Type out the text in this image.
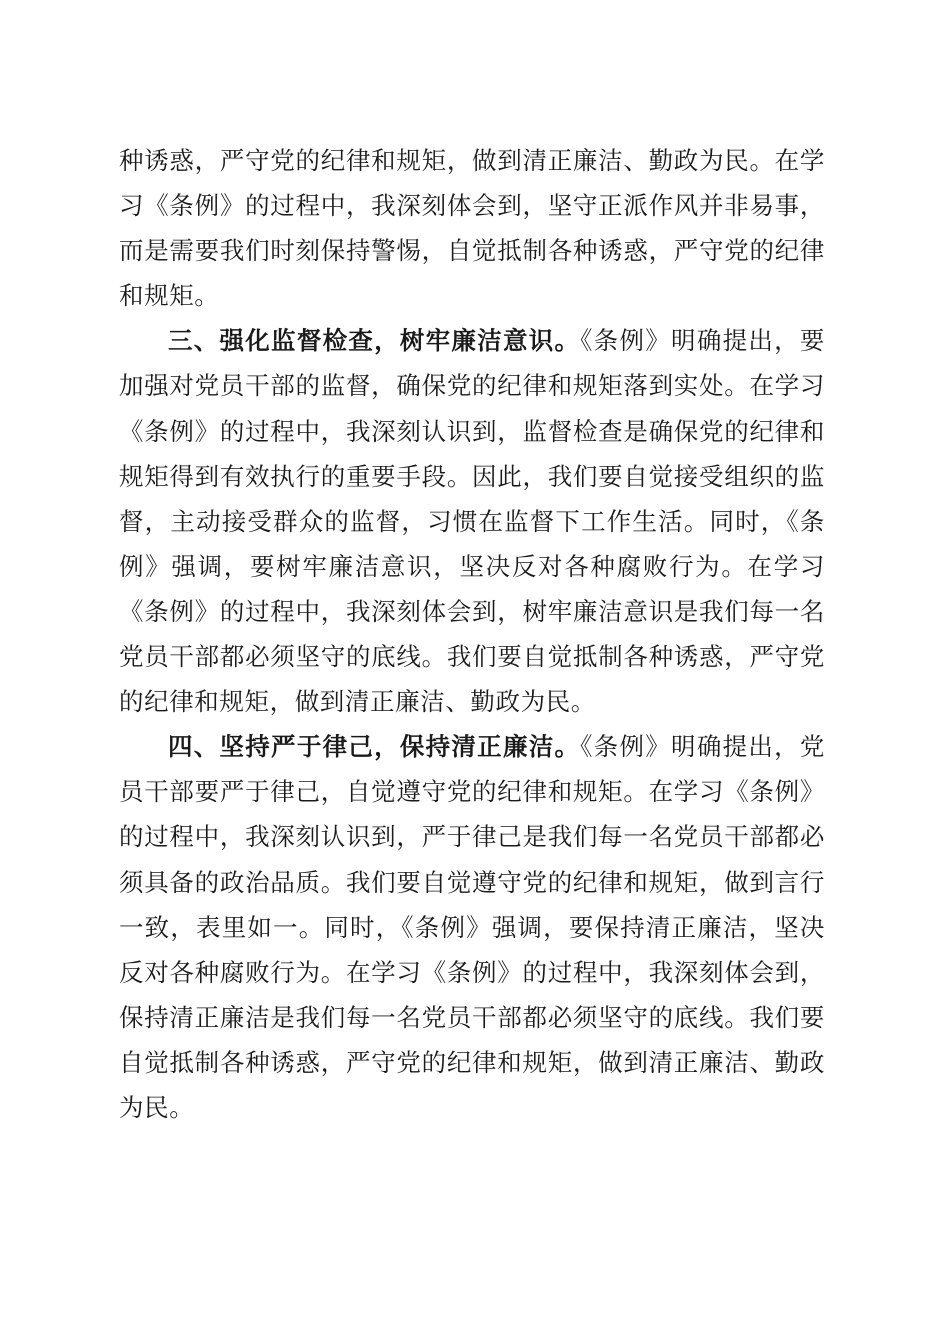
种诱惑，严守党的纪律和规矩，做到清正廉洁、勤政为民。在学习《条例》的过程中，我深刻体会到，坚守正派作风并非易事，而是需要我们时刻保持警惕，自觉抵制各种诱惑，严守党的纪律和规矩。

三、强化监督检查，树牢廉洁意识。《条例》明确提出，要加强对党员干部的监督，确保党的纪律和规矩落到实处。在学习《条例》的过程中，我深刻认识到，监督检查是确保党的纪律和规矩得到有效执行的重要手段。因此，我们要自觉接受组织的监督，主动接受群众的监督，习惯在监督下工作生活。同时，《条例》强调，要树牢廉洁意识，坚决反对各种腐败行为。在学习《条例》的过程中，我深刻体会到，树牢廉洁意识是我们每一名党员干部都必须坚守的底线。我们要自觉抵制各种诱惑，严守党的纪律和规矩，做到清正廉洁、勤政为民。

四、坚持严于律己，保持清正廉洁。《条例》明确提出，党员干部要严于律己，自觉遵守党的纪律和规矩。在学习《条例》的过程中，我深刻认识到，严于律己是我们每一名党员干部都必须具备的政治品质。我们要自觉遵守党的纪律和规矩，做到言行一致，表里如一。同时，《条例》强调，要保持清正廉洁，坚决反对各种腐败行为。在学习《条例》的过程中，我深刻体会到，保持清正廉洁是我们每一名党员干部都必须坚守的底线。我们要自觉抵制各种诱惑，严守党的纪律和规矩，做到清正廉洁、勤政为民。
